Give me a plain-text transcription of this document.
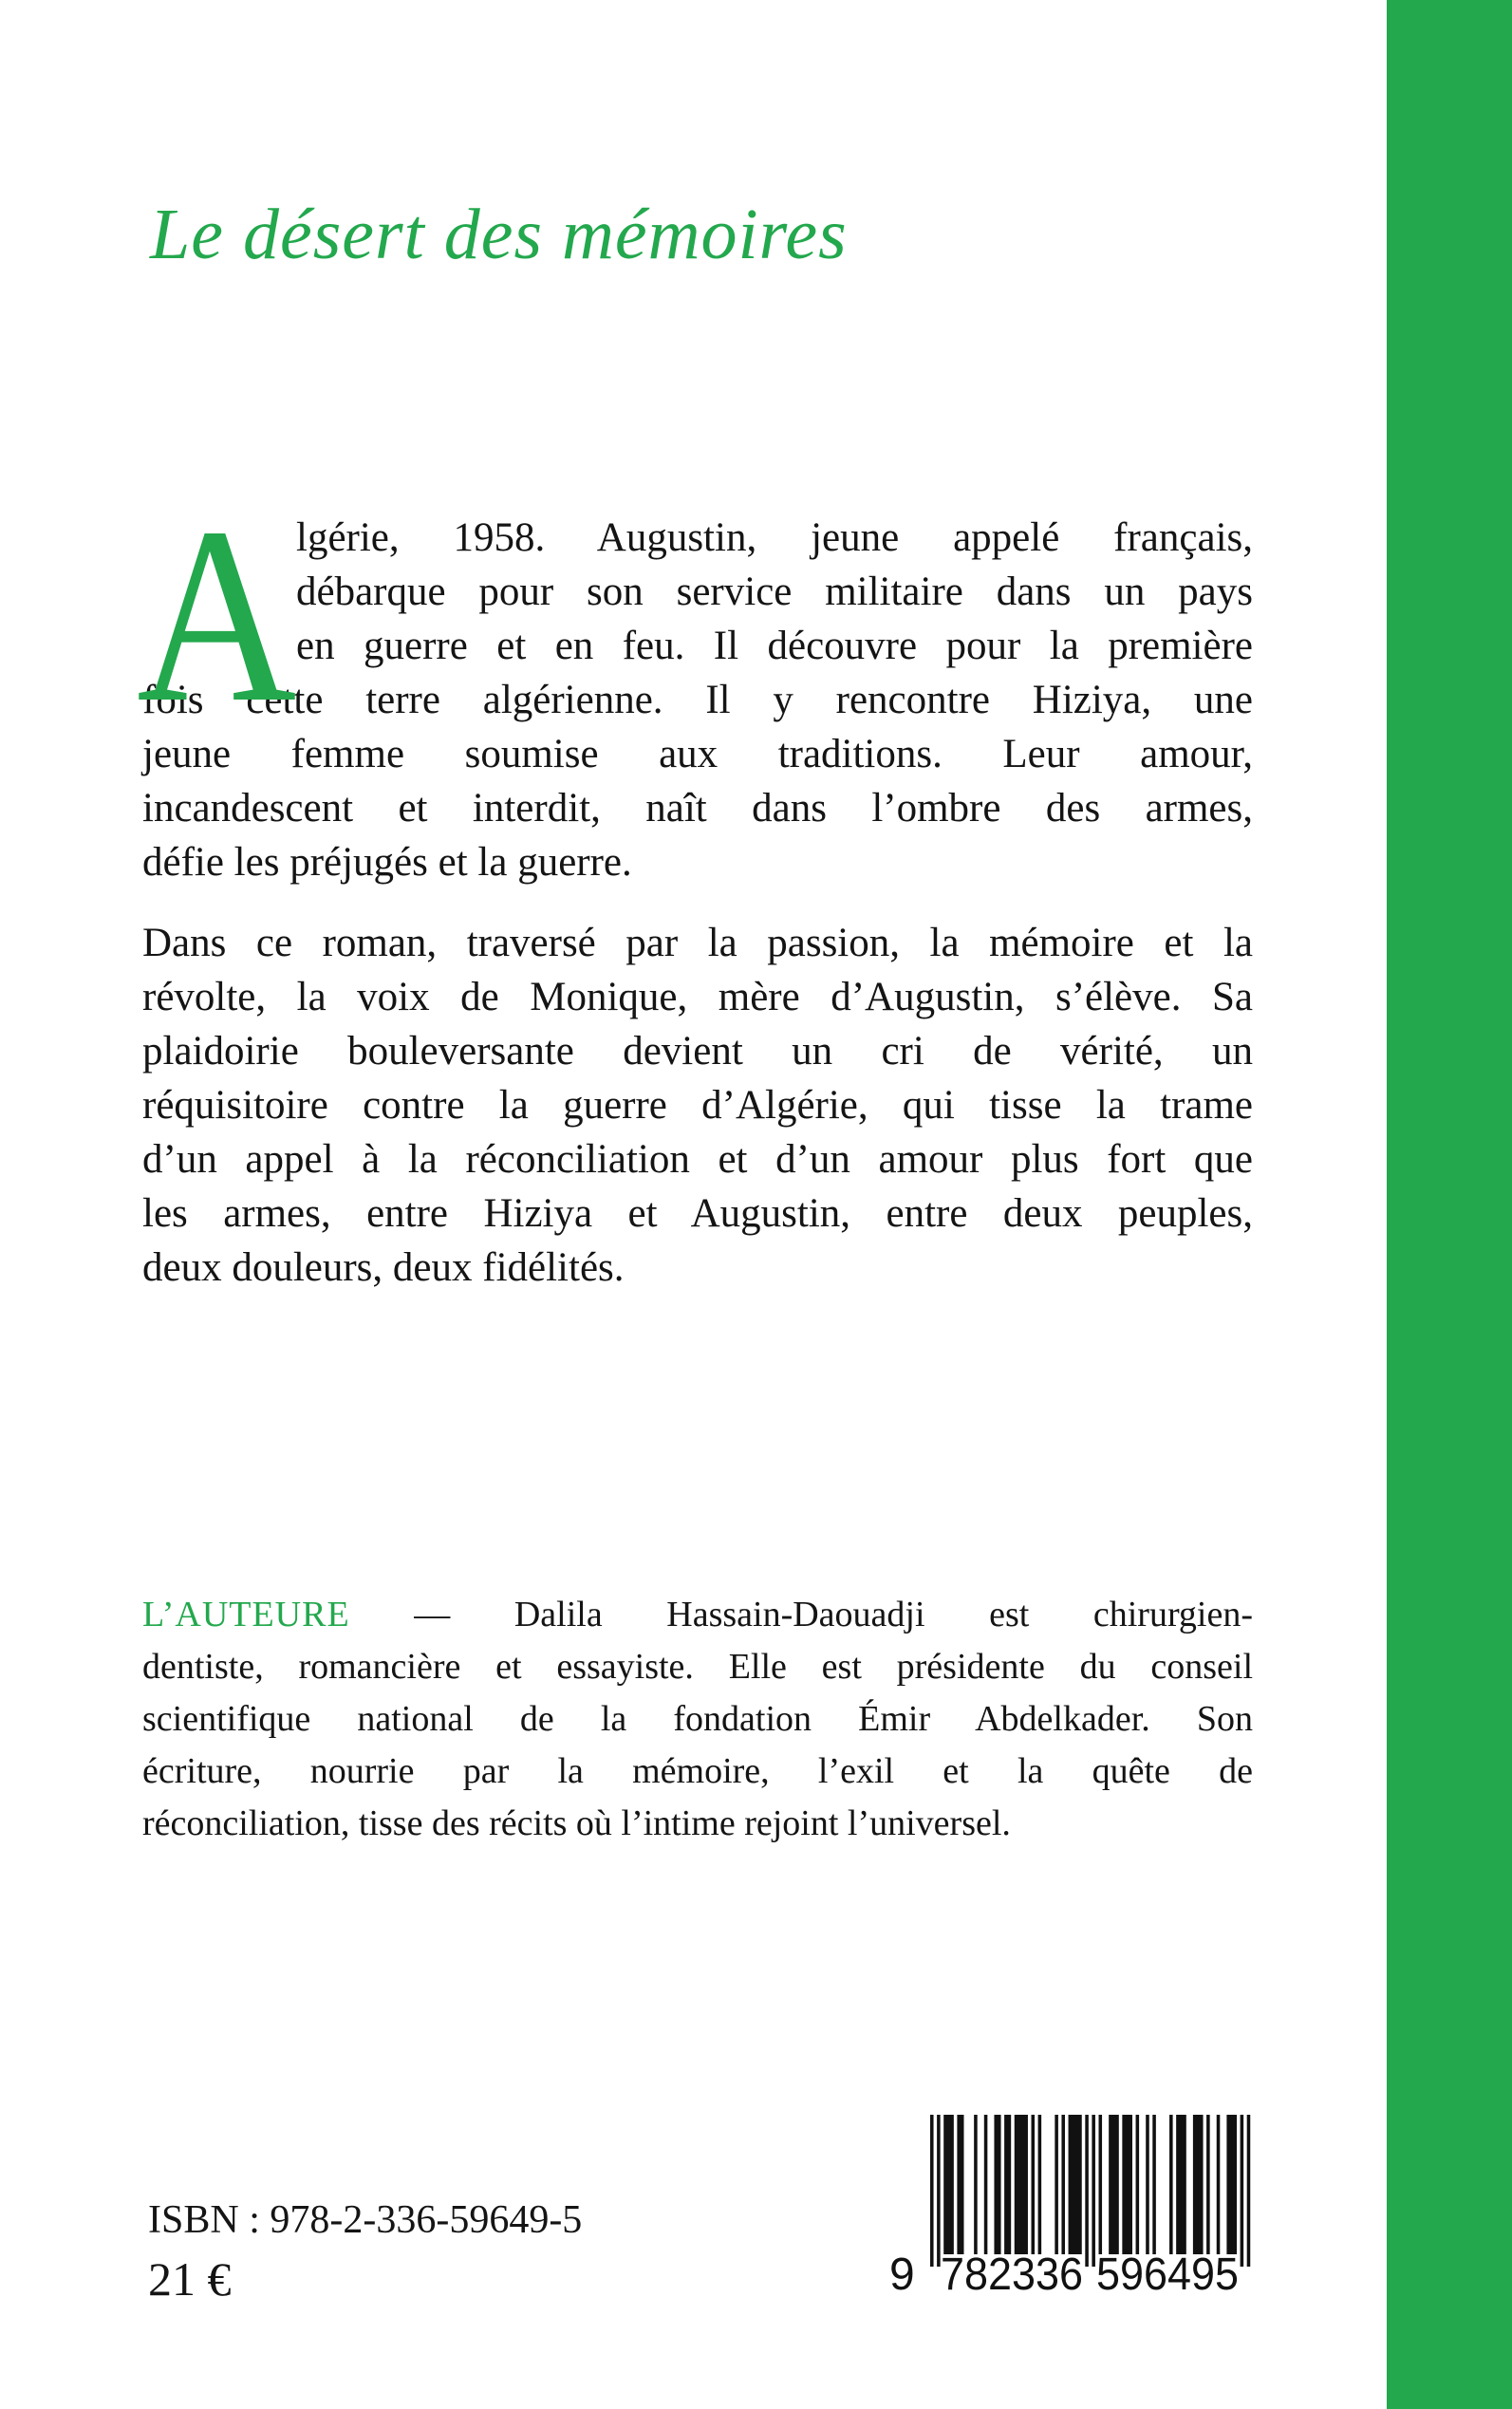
Le désert des mémoires
A lgérie, 1958. Augustin, jeune appelé français,
débarque pour son service militaire dans un pays
en guerre et en feu. Il découvre pour la première
fois cette terre algérienne. Il y rencontre Hiziya, une
jeune femme soumise aux traditions. Leur amour,
incandescent et interdit, naît dans l’ombre des armes,
défie les préjugés et la guerre.
Dans ce roman, traversé par la passion, la mémoire et la
révolte, la voix de Monique, mère d’Augustin, s’élève. Sa
plaidoirie bouleversante devient un cri de vérité, un
réquisitoire contre la guerre d’Algérie, qui tisse la trame
d’un appel à la réconciliation et d’un amour plus fort que
les armes, entre Hiziya et Augustin, entre deux peuples,
deux douleurs, deux fidélités.
L’AUTEURE — Dalila Hassain-Daouadji est chirurgien-
dentiste, romancière et essayiste. Elle est présidente du conseil
scientifique national de la fondation Émir Abdelkader. Son
écriture, nourrie par la mémoire, l’exil et la quête de
réconciliation, tisse des récits où l’intime rejoint l’universel.
ISBN : 978-2-336-59649-5
21 €	9 782336 596495
